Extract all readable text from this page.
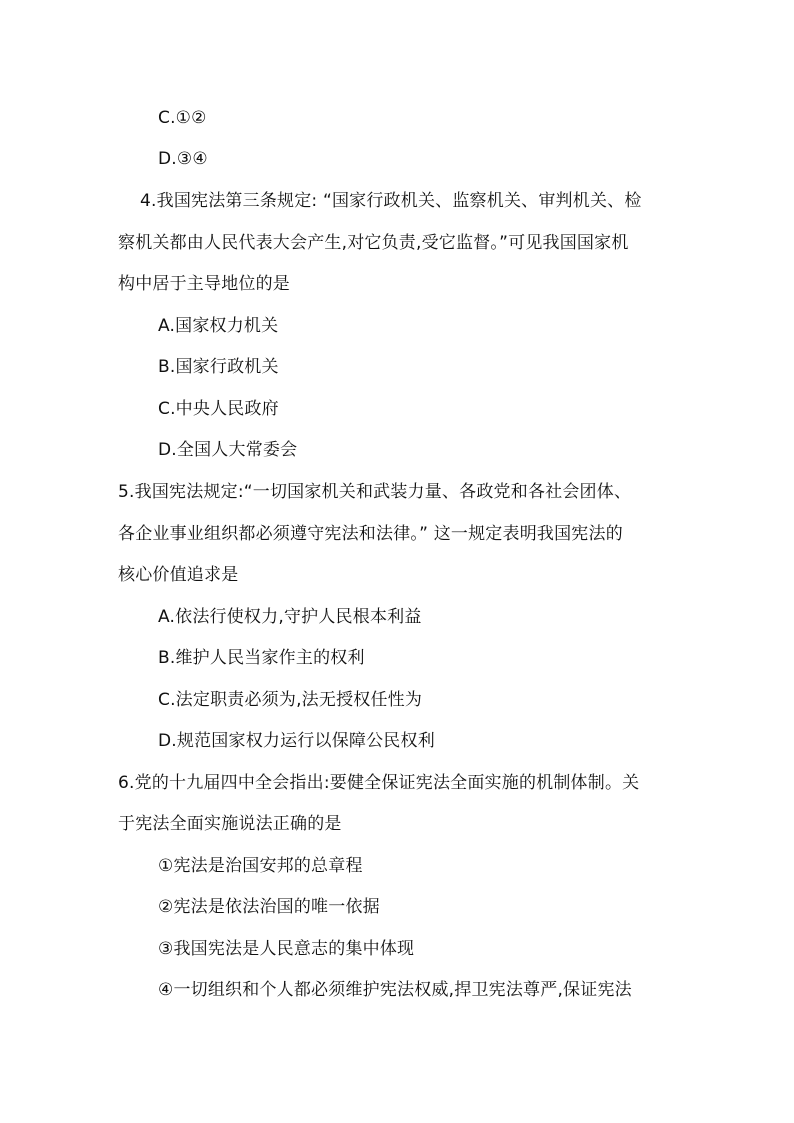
C.①②
D.③④
4.我国宪法第三条规定: “国家行政机关、监察机关、审判机关、检
察机关都由人民代表大会产生,对它负责,受它监督。”可见我国国家机
构中居于主导地位的是
A.国家权力机关
B.国家行政机关
C.中央人民政府
D.全国人大常委会
5.我国宪法规定:“一切国家机关和武装力量、各政党和各社会团体、
各企业事业组织都必须遵守宪法和法律。” 这一规定表明我国宪法的
核心价值追求是
A.依法行使权力,守护人民根本利益
B.维护人民当家作主的权利
C.法定职责必须为,法无授权任性为
D.规范国家权力运行以保障公民权利
6.党的十九届四中全会指出:要健全保证宪法全面实施的机制体制。关
于宪法全面实施说法正确的是
①宪法是治国安邦的总章程
②宪法是依法治国的唯一依据
③我国宪法是人民意志的集中体现
④一切组织和个人都必须维护宪法权威,捍卫宪法尊严,保证宪法
